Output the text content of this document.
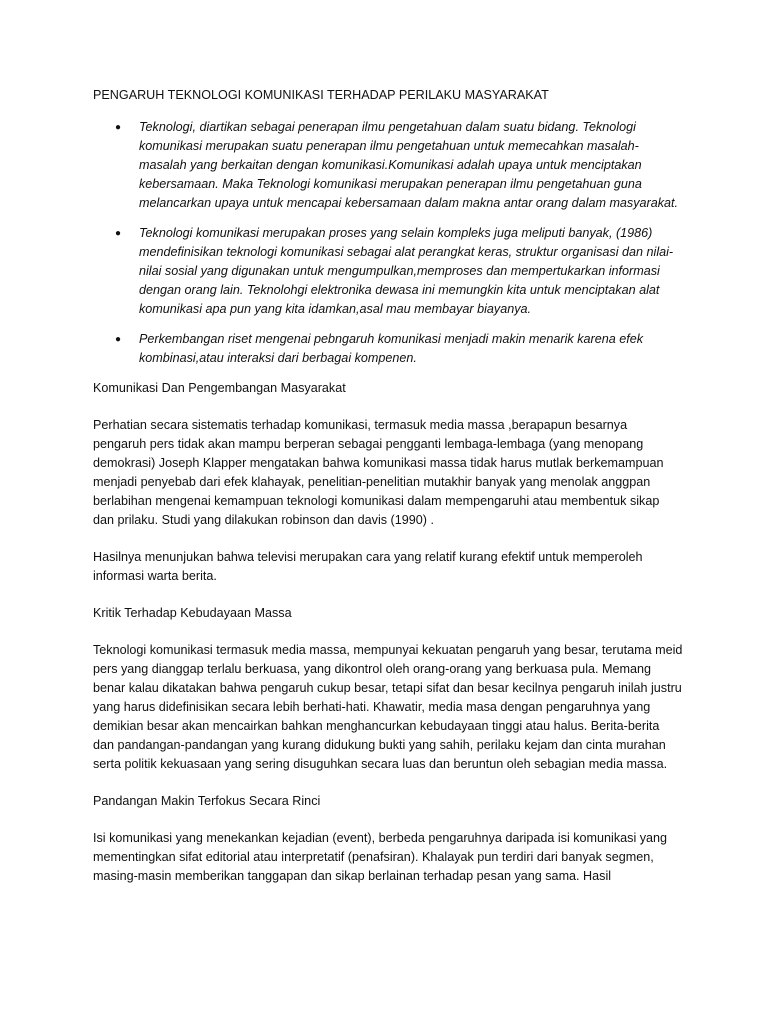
PENGARUH TEKNOLOGI KOMUNIKASI TERHADAP PERILAKU MASYARAKAT
● Teknologi, diartikan sebagai penerapan ilmu pengetahuan dalam suatu bidang. Teknologi komunikasi merupakan suatu penerapan ilmu pengetahuan untuk memecahkan masalah-masalah yang berkaitan dengan komunikasi.Komunikasi adalah upaya untuk menciptakan kebersamaan. Maka Teknologi komunikasi merupakan penerapan ilmu pengetahuan guna melancarkan upaya untuk mencapai kebersamaan dalam makna antar orang dalam masyarakat.
● Teknologi komunikasi merupakan proses yang selain kompleks juga meliputi banyak, (1986) mendefinisikan teknologi komunikasi sebagai alat perangkat keras, struktur organisasi dan nilai-nilai sosial yang digunakan untuk mengumpulkan,memproses dan mempertukarkan informasi dengan orang lain. Teknolohgi elektronika dewasa ini memungkin kita untuk menciptakan alat komunikasi apa pun yang kita idamkan,asal mau membayar biayanya.
● Perkembangan riset mengenai pebngaruh komunikasi menjadi makin menarik karena efek kombinasi,atau interaksi dari berbagai kompenen.
Komunikasi Dan Pengembangan Masyarakat
Perhatian secara sistematis terhadap komunikasi, termasuk media massa ,berapapun besarnya pengaruh pers tidak akan mampu berperan sebagai pengganti lembaga-lembaga (yang menopang demokrasi) Joseph Klapper mengatakan bahwa komunikasi massa tidak harus mutlak berkemampuan menjadi penyebab dari efek klahayak, penelitian-penelitian mutakhir banyak yang menolak anggpan berlabihan mengenai kemampuan teknologi komunikasi dalam mempengaruhi atau membentuk sikap dan prilaku. Studi yang dilakukan robinson dan davis (1990) .
Hasilnya menunjukan bahwa televisi merupakan cara yang relatif kurang efektif untuk memperoleh informasi warta berita.
Kritik Terhadap Kebudayaan Massa
Teknologi komunikasi termasuk media massa, mempunyai kekuatan pengaruh yang besar, terutama meid pers yang dianggap terlalu berkuasa, yang dikontrol oleh orang-orang yang berkuasa pula. Memang benar kalau dikatakan bahwa pengaruh cukup besar, tetapi sifat dan besar kecilnya pengaruh inilah justru yang harus didefinisikan secara lebih berhati-hati. Khawatir, media masa dengan pengaruhnya yang demikian besar akan mencairkan bahkan menghancurkan kebudayaan tinggi atau halus. Berita-berita dan pandangan-pandangan yang kurang didukung bukti yang sahih, perilaku kejam dan cinta murahan serta politik kekuasaan yang sering disuguhkan secara luas dan beruntun oleh sebagian media massa.
Pandangan Makin Terfokus Secara Rinci
Isi komunikasi yang menekankan kejadian (event), berbeda pengaruhnya daripada isi komunikasi yang mementingkan sifat editorial atau interpretatif (penafsiran). Khalayak pun terdiri dari banyak segmen, masing-masin memberikan tanggapan dan sikap berlainan terhadap pesan yang sama. Hasil
